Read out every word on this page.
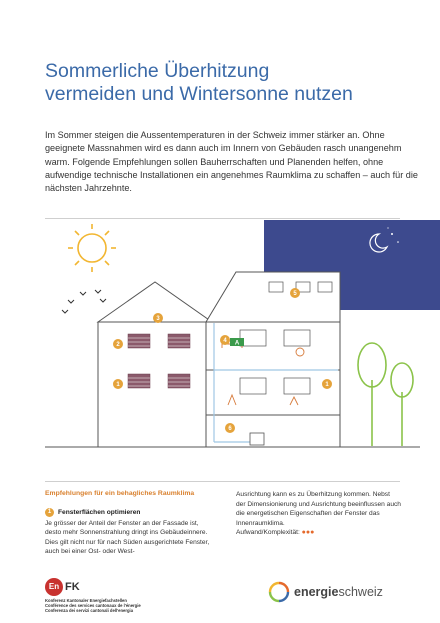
Sommerliche Überhitzung
vermeiden und Wintersonne nutzen

Im Sommer steigen die Aussentemperaturen in der Schweiz immer stärker an. Ohne geeignete Massnahmen wird es dann auch im Innern von Gebäuden rasch unangenehm warm. Folgende Empfehlungen sollen Bauherrschaften und Planenden helfen, ohne aufwendige technische Installationen ein angenehmes Raumklima zu schaffen – auch für die nächsten Jahrzehnte.

A
1	1
2
3
4
5
6
Empfehlungen für ein behagliches Raumklima
1	Fensterflächen optimieren
Je grösser der Anteil der Fenster an der Fassade ist, desto mehr Sonnenstrahlung dringt ins Gebäudeinnere. Dies gilt nicht nur für nach Süden ausgerichtete Fenster, auch bei einer Ost- oder West-
Ausrichtung kann es zu Überhitzung kommen. Nebst der Dimensionierung und Ausrichtung beeinflussen auch die energetischen Eigenschaften der Fenster das Innenraumklima.
Aufwand/Komplexität: ●●●
En FK
Konferenz Kantonaler Energiefachstellen
Conférence des services cantonaux de l'énergie
Conferenza dei servizi cantonali dell'energia
energieschweiz
